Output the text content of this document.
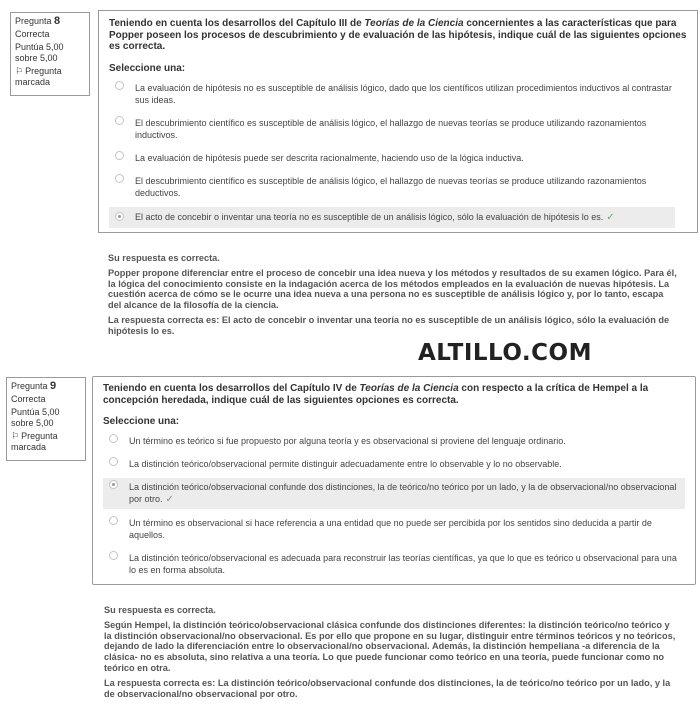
Pregunta 8
Correcta
Puntúa 5,00 sobre 5,00
⚐ Pregunta marcada
Teniendo en cuenta los desarrollos del Capítulo III de Teorías de la Ciencia concernientes a las características que para Popper poseen los procesos de descubrimiento y de evaluación de las hipótesis, indique cuál de las siguientes opciones es correcta.
Seleccione una:
La evaluación de hipótesis no es susceptible de análisis lógico, dado que los científicos utilizan procedimientos inductivos al contrastar sus ideas.
El descubrimiento científico es susceptible de análisis lógico, el hallazgo de nuevas teorías se produce utilizando razonamientos inductivos.
La evaluación de hipótesis puede ser descrita racionalmente, haciendo uso de la lógica inductiva.
El descubrimiento científico es susceptible de análisis lógico, el hallazgo de nuevas teorías se produce utilizando razonamientos deductivos.
El acto de concebir o inventar una teoría no es susceptible de un análisis lógico, sólo la evaluación de hipótesis lo es. ✓

Su respuesta es correcta.

Popper propone diferenciar entre el proceso de concebir una idea nueva y los métodos y resultados de su examen lógico. Para él, la lógica del conocimiento consiste en la indagación acerca de los métodos empleados en la evaluación de nuevas hipótesis. La cuestión acerca de cómo se le ocurre una idea nueva a una persona no es susceptible de análisis lógico y, por lo tanto, escapa del alcance de la filosofía de la ciencia.

La respuesta correcta es: El acto de concebir o inventar una teoría no es susceptible de un análisis lógico, sólo la evaluación de hipótesis lo es.

ALTILLO.COM
Pregunta 9
Correcta
Puntúa 5,00 sobre 5,00
⚐ Pregunta marcada
Teniendo en cuenta los desarrollos del Capítulo IV de Teorías de la Ciencia con respecto a la crítica de Hempel a la concepción heredada, indique cuál de las siguientes opciones es correcta.
Seleccione una:
Un término es teórico si fue propuesto por alguna teoría y es observacional si proviene del lenguaje ordinario.
La distinción teórico/observacional permite distinguir adecuadamente entre lo observable y lo no observable.
La distinción teórico/observacional confunde dos distinciones, la de teórico/no teórico por un lado, y la de observacional/no observacional por otro. ✓
Un término es observacional si hace referencia a una entidad que no puede ser percibida por los sentidos sino deducida a partir de aquellos.
La distinción teórico/observacional es adecuada para reconstruir las teorías científicas, ya que lo que es teórico u observacional para una lo es en forma absoluta.

Su respuesta es correcta.

Según Hempel, la distinción teórico/observacional clásica confunde dos distinciones diferentes: la distinción teórico/no teórico y la distinción observacional/no observacional. Es por ello que propone en su lugar, distinguir entre términos teóricos y no teóricos, dejando de lado la diferenciación entre lo observacional/no observacional. Además, la distinción hempeliana -a diferencia de la clásica- no es absoluta, sino relativa a una teoría. Lo que puede funcionar como teórico en una teoría, puede funcionar como no teórico en otra.

La respuesta correcta es: La distinción teórico/observacional confunde dos distinciones, la de teórico/no teórico por un lado, y la de observacional/no observacional por otro.
